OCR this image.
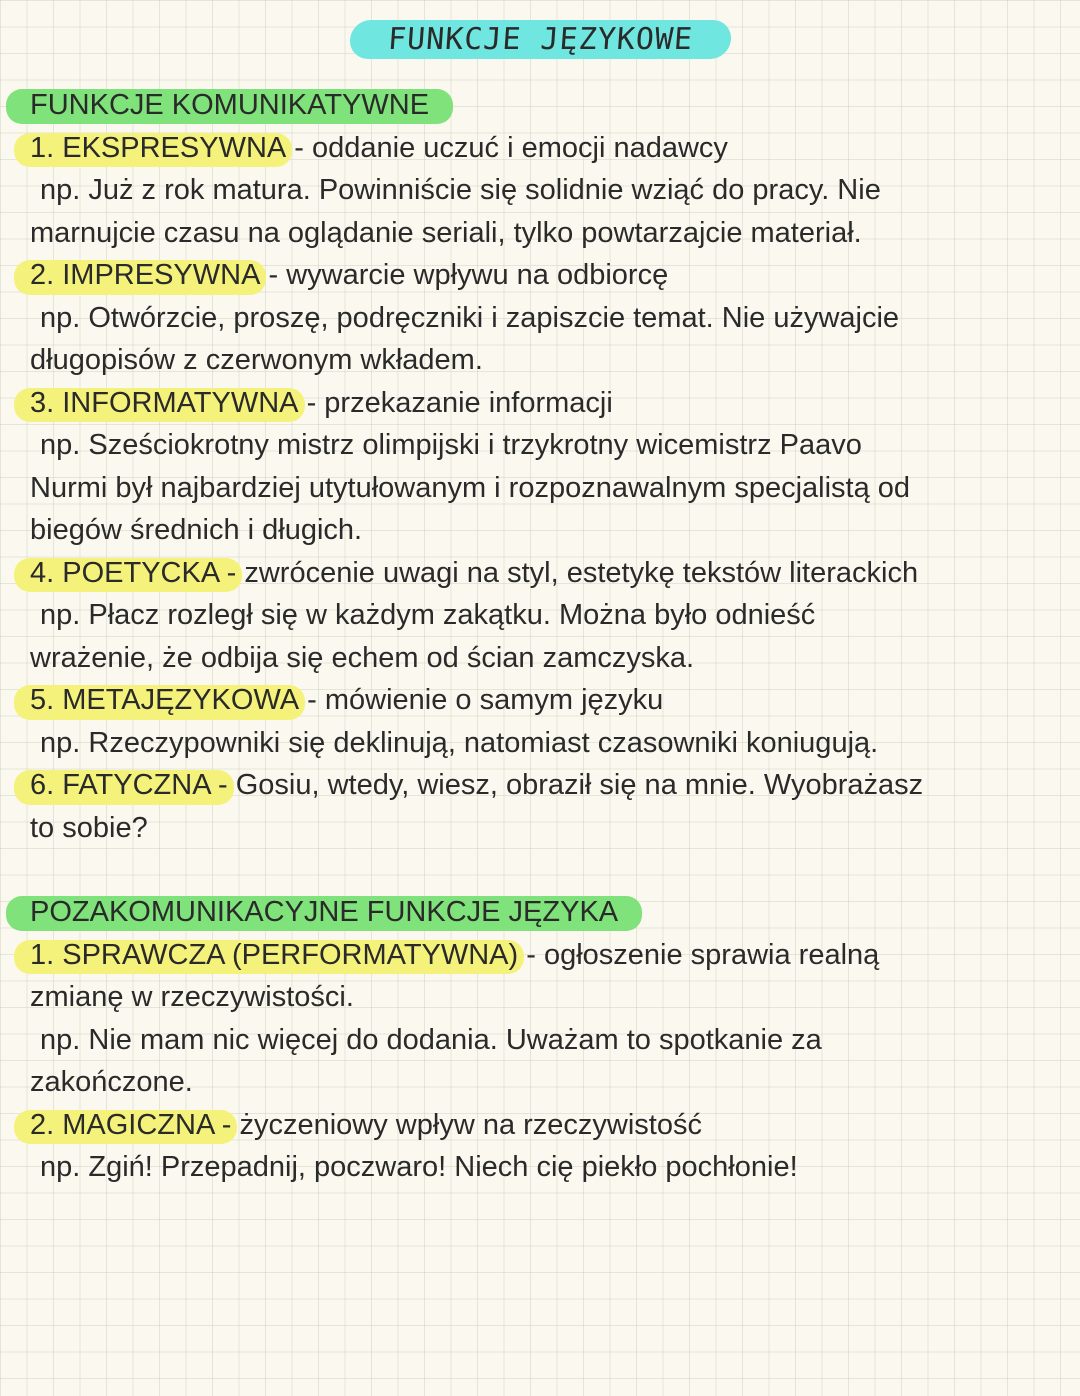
FUNKCJE JĘZYKOWE
FUNKCJE KOMUNIKATYWNE
1. EKSPRESYWNA - oddanie uczuć i emocji nadawcy
np. Już z rok matura. Powinniście się solidnie wziąć do pracy. Nie
marnujcie czasu na oglądanie seriali, tylko powtarzajcie materiał.
2. IMPRESYWNA - wywarcie wpływu na odbiorcę
np. Otwórzcie, proszę, podręczniki i zapiszcie temat. Nie używajcie
długopisów z czerwonym wkładem.
3. INFORMATYWNA - przekazanie informacji
np. Sześciokrotny mistrz olimpijski i trzykrotny wicemistrz Paavo
Nurmi był najbardziej utytułowanym i rozpoznawalnym specjalistą od
biegów średnich i długich.
4. POETYCKA - zwrócenie uwagi na styl, estetykę tekstów literackich
np. Płacz rozległ się w każdym zakątku. Można było odnieść
wrażenie, że odbija się echem od ścian zamczyska.
5. METAJĘZYKOWA - mówienie o samym języku
np. Rzeczypowniki się deklinują, natomiast czasowniki koniugują.
6. FATYCZNA - Gosiu, wtedy, wiesz, obraził się na mnie. Wyobrażasz
to sobie?
POZAKOMUNIKACYJNE FUNKCJE JĘZYKA
1. SPRAWCZA (PERFORMATYWNA) - ogłoszenie sprawia realną
zmianę w rzeczywistości.
np. Nie mam nic więcej do dodania. Uważam to spotkanie za
zakończone.
2. MAGICZNA - życzeniowy wpływ na rzeczywistość
np. Zgiń! Przepadnij, poczwaro! Niech cię piekło pochłonie!
